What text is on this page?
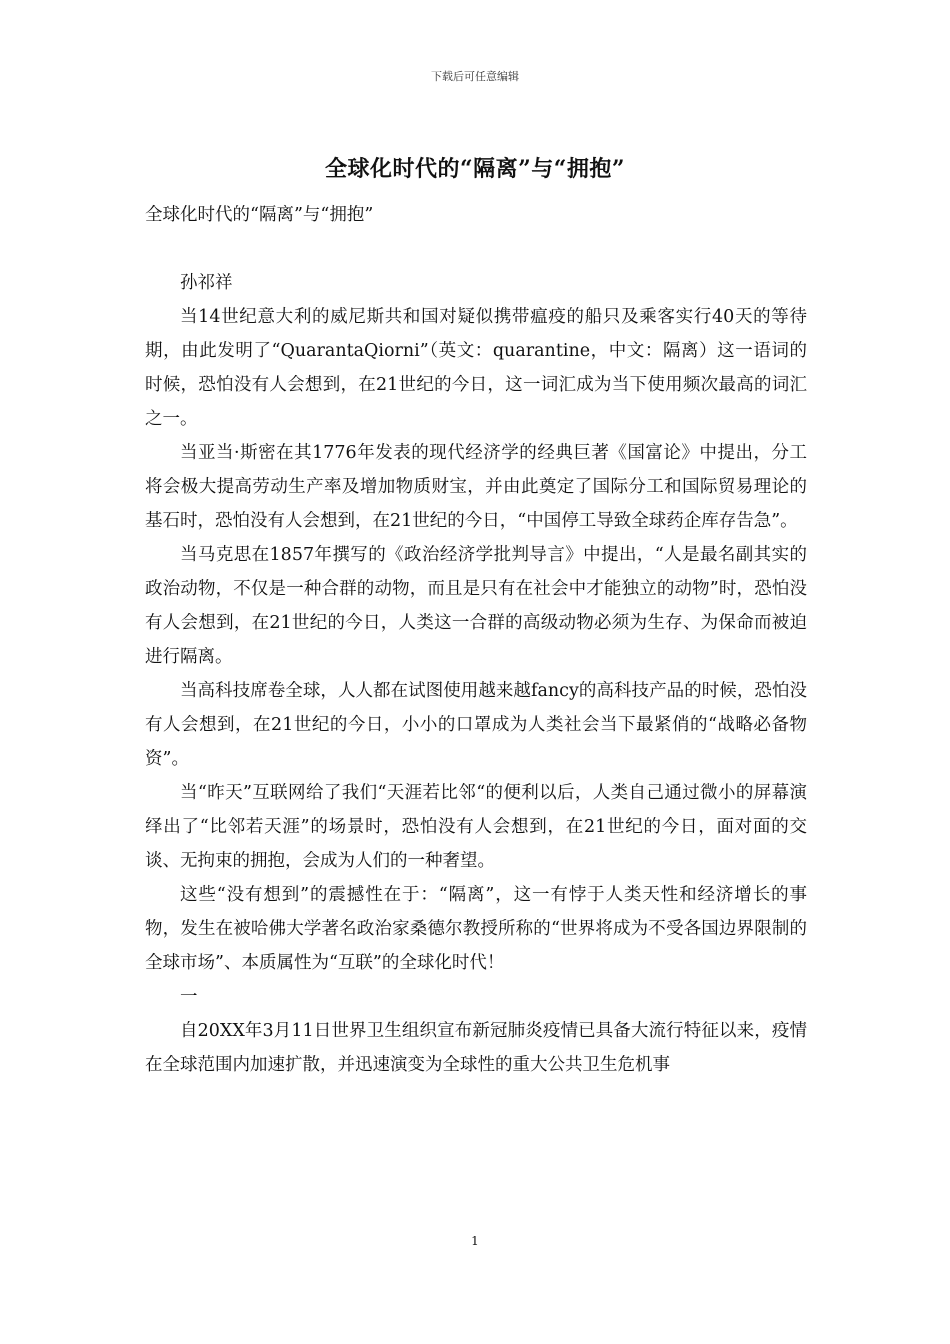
下载后可任意编辑
全球化时代的“隔离”与“拥抱”

全球化时代的“隔离”与“拥抱”

孙祁祥

当14世纪意大利的威尼斯共和国对疑似携带瘟疫的船只及乘客实行40天的等待期，由此发明了“QuarantaQiorni”（英文：quarantine，中文：隔离）这一语词的时候，恐怕没有人会想到，在21世纪的今日，这一词汇成为当下使用频次最高的词汇之一。

当亚当·斯密在其1776年发表的现代经济学的经典巨著《国富论》中提出，分工将会极大提高劳动生产率及增加物质财宝，并由此奠定了国际分工和国际贸易理论的基石时，恐怕没有人会想到，在21世纪的今日，“中国停工导致全球药企库存告急”。

当马克思在1857年撰写的《政治经济学批判导言》中提出，“人是最名副其实的政治动物，不仅是一种合群的动物，而且是只有在社会中才能独立的动物”时，恐怕没有人会想到，在21世纪的今日，人类这一合群的高级动物必须为生存、为保命而被迫进行隔离。

当高科技席卷全球，人人都在试图使用越来越fancy的高科技产品的时候，恐怕没有人会想到，在21世纪的今日，小小的口罩成为人类社会当下最紧俏的“战略必备物资”。

当“昨天”互联网给了我们“天涯若比邻“的便利以后，人类自己通过微小的屏幕演绎出了“比邻若天涯”的场景时，恐怕没有人会想到，在21世纪的今日，面对面的交谈、无拘束的拥抱，会成为人们的一种奢望。

这些“没有想到”的震撼性在于：“隔离”，这一有悖于人类天性和经济增长的事物，发生在被哈佛大学著名政治家桑德尔教授所称的“世界将成为不受各国边界限制的全球市场”、本质属性为“互联”的全球化时代！

一

自20XX年3月11日世界卫生组织宣布新冠肺炎疫情已具备大流行特征以来，疫情在全球范围内加速扩散，并迅速演变为全球性的重大公共卫生危机事

1
